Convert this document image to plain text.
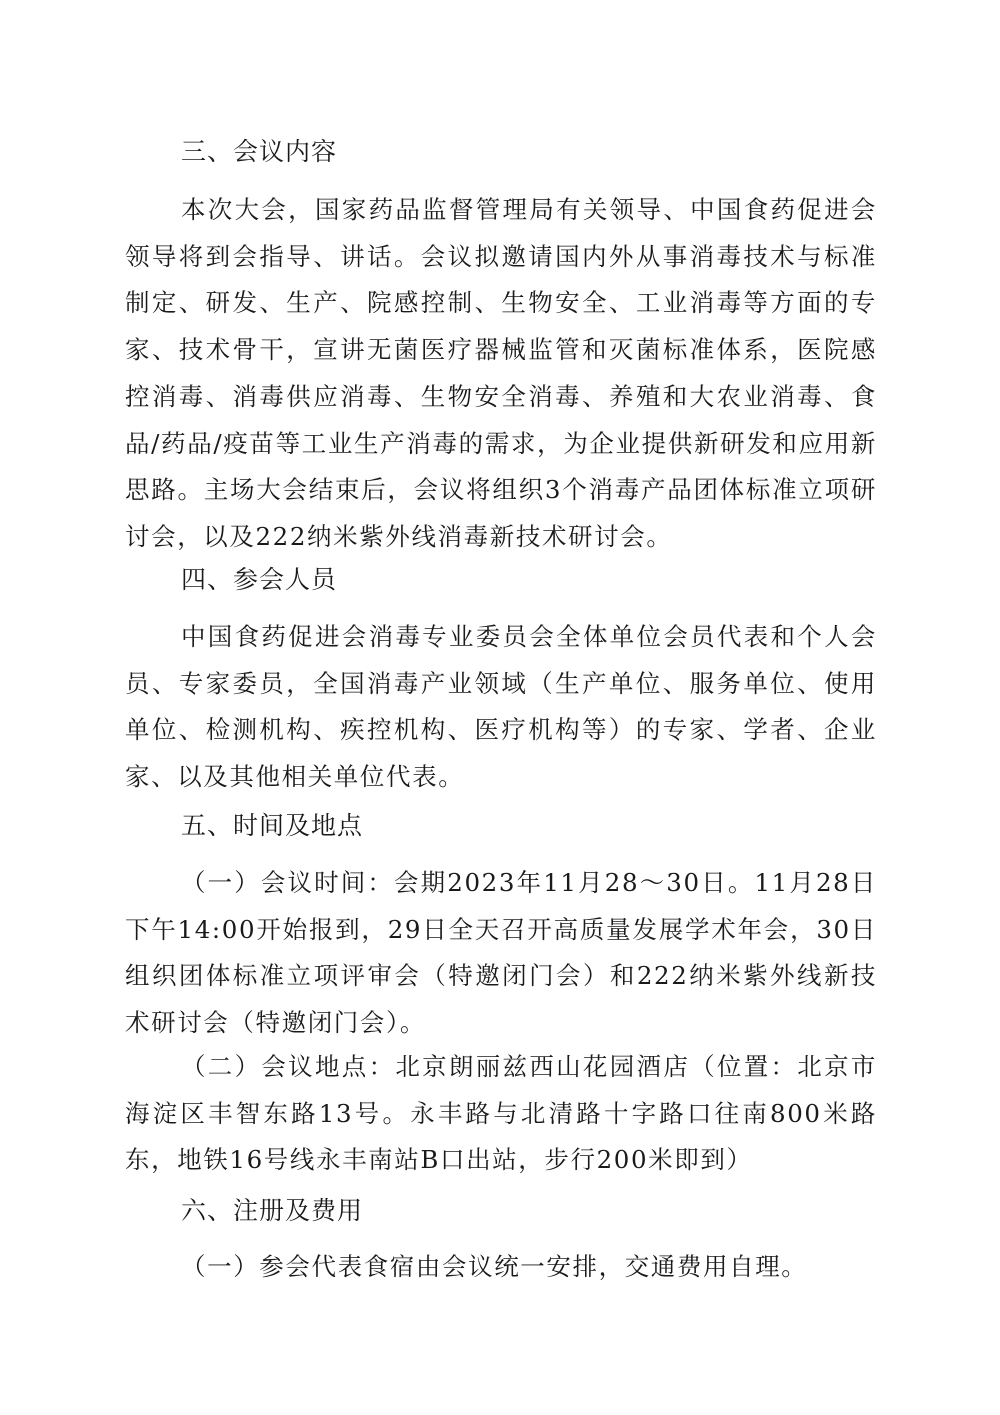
三、会议内容

本次大会，国家药品监督管理局有关领导、中国食药促进会领导将到会指导、讲话。会议拟邀请国内外从事消毒技术与标准制定、研发、生产、院感控制、生物安全、工业消毒等方面的专家、技术骨干，宣讲无菌医疗器械监管和灭菌标准体系，医院感控消毒、消毒供应消毒、生物安全消毒、养殖和大农业消毒、食品/药品/疫苗等工业生产消毒的需求，为企业提供新研发和应用新思路。主场大会结束后，会议将组织3个消毒产品团体标准立项研讨会，以及222纳米紫外线消毒新技术研讨会。

四、参会人员

中国食药促进会消毒专业委员会全体单位会员代表和个人会员、专家委员，全国消毒产业领域（生产单位、服务单位、使用单位、检测机构、疾控机构、医疗机构等）的专家、学者、企业家、以及其他相关单位代表。

五、时间及地点

（一）会议时间：会期2023年11月28～30日。11月28日下午14:00开始报到，29日全天召开高质量发展学术年会，30日组织团体标准立项评审会（特邀闭门会）和222纳米紫外线新技术研讨会（特邀闭门会）。

（二）会议地点：北京朗丽兹西山花园酒店（位置：北京市海淀区丰智东路13号。永丰路与北清路十字路口往南800米路东，地铁16号线永丰南站B口出站，步行200米即到）

六、注册及费用

（一）参会代表食宿由会议统一安排，交通费用自理。
